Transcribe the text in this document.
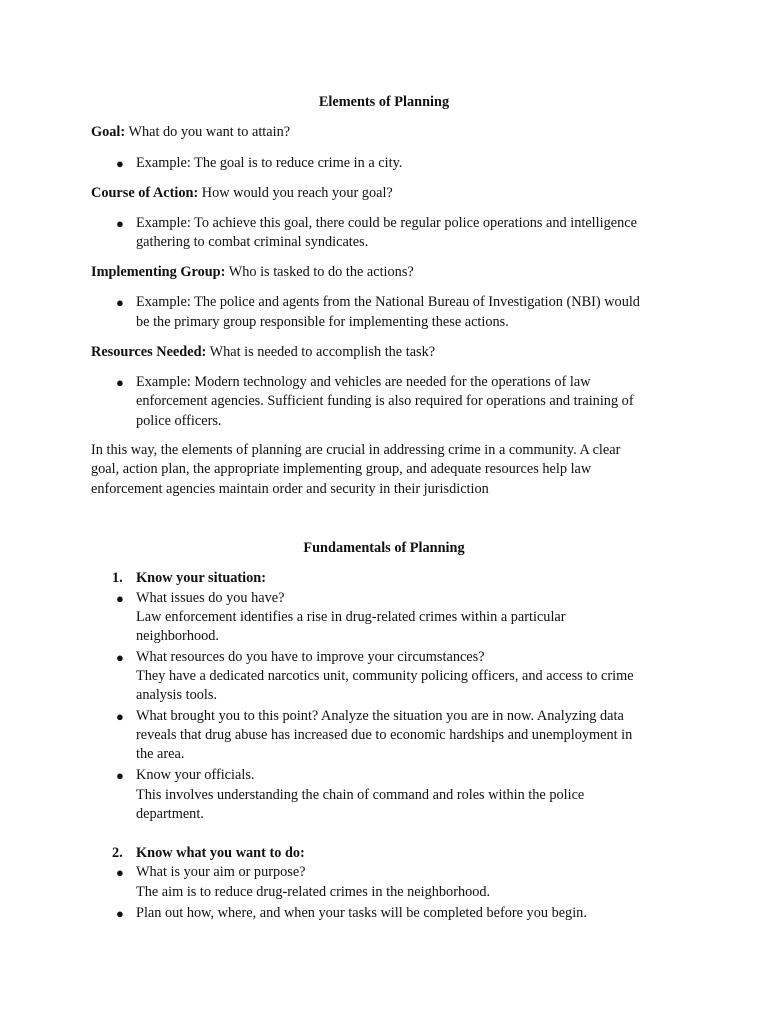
Elements of Planning
Goal: What do you want to attain?
● Example: The goal is to reduce crime in a city.
Course of Action: How would you reach your goal?
● Example: To achieve this goal, there could be regular police operations and intelligence
gathering to combat criminal syndicates.
Implementing Group: Who is tasked to do the actions?
● Example: The police and agents from the National Bureau of Investigation (NBI) would
be the primary group responsible for implementing these actions.
Resources Needed: What is needed to accomplish the task?
● Example: Modern technology and vehicles are needed for the operations of law
enforcement agencies. Sufficient funding is also required for operations and training of
police officers.
In this way, the elements of planning are crucial in addressing crime in a community. A clear
goal, action plan, the appropriate implementing group, and adequate resources help law
enforcement agencies maintain order and security in their jurisdiction
Fundamentals of Planning
1. Know your situation:
● What issues do you have?
Law enforcement identifies a rise in drug-related crimes within a particular
neighborhood.
● What resources do you have to improve your circumstances?
They have a dedicated narcotics unit, community policing officers, and access to crime
analysis tools.
● What brought you to this point? Analyze the situation you are in now. Analyzing data
reveals that drug abuse has increased due to economic hardships and unemployment in
the area.
● Know your officials.
This involves understanding the chain of command and roles within the police
department.
2. Know what you want to do:
● What is your aim or purpose?
The aim is to reduce drug-related crimes in the neighborhood.
● Plan out how, where, and when your tasks will be completed before you begin.
